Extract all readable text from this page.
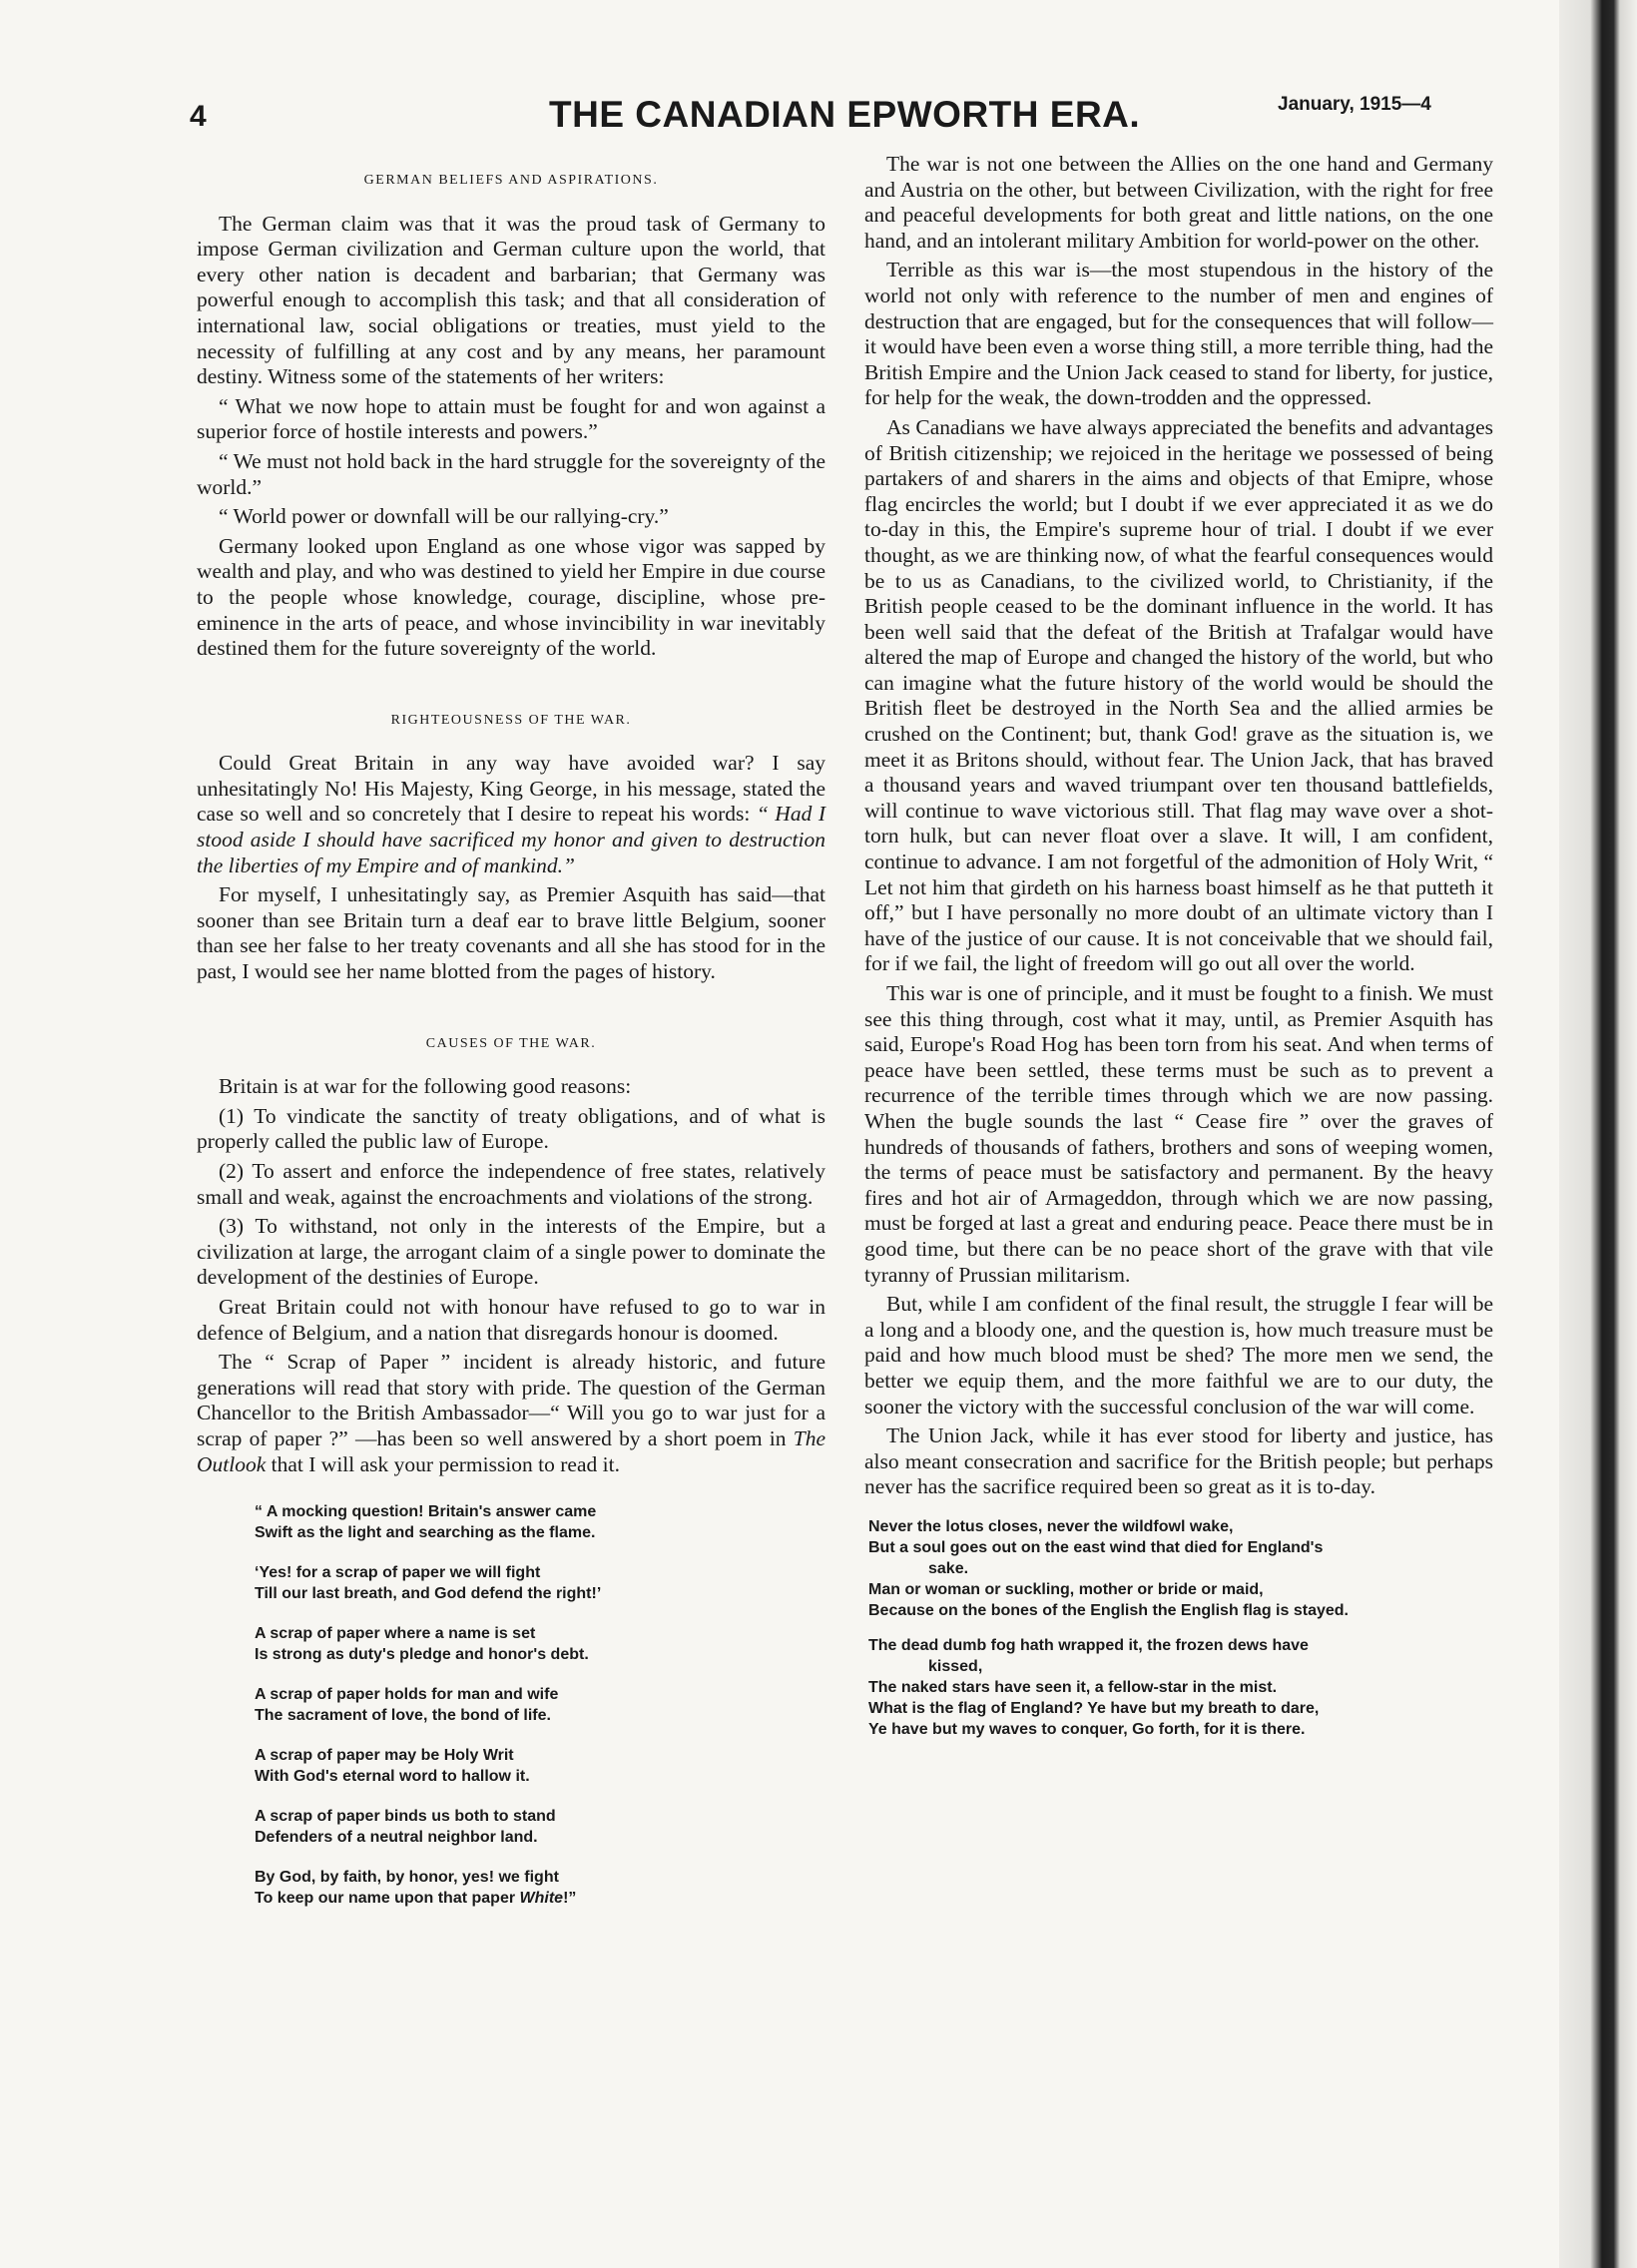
4	THE CANADIAN EPWORTH ERA.	January, 1915—4
GERMAN BELIEFS AND ASPIRATIONS.

The German claim was that it was the proud task of Germany to impose German civilization and German culture upon the world, that every other nation is decadent and barbarian; that Germany was powerful enough to accomplish this task; and that all consideration of international law, social obligations or treaties, must yield to the necessity of fulfilling at any cost and by any means, her paramount destiny. Witness some of the statements of her writers:

“ What we now hope to attain must be fought for and won against a superior force of hostile interests and powers.”

“ We must not hold back in the hard struggle for the sovereignty of the world.”

“ World power or downfall will be our rallying-cry.”

Germany looked upon England as one whose vigor was sapped by wealth and play, and who was destined to yield her Empire in due course to the people whose knowledge, courage, discipline, whose pre-eminence in the arts of peace, and whose invincibility in war inevitably destined them for the future sovereignty of the world.

RIGHTEOUSNESS OF THE WAR.

Could Great Britain in any way have avoided war? I say unhesitatingly No! His Majesty, King George, in his message, stated the case so well and so concretely that I desire to repeat his words: “ Had I stood aside I should have sacrificed my honor and given to destruction the liberties of my Empire and of mankind.”

For myself, I unhesitatingly say, as Premier Asquith has said—that sooner than see Britain turn a deaf ear to brave little Belgium, sooner than see her false to her treaty covenants and all she has stood for in the past, I would see her name blotted from the pages of history.

CAUSES OF THE WAR.

Britain is at war for the following good reasons:

(1) To vindicate the sanctity of treaty obligations, and of what is properly called the public law of Europe.

(2) To assert and enforce the independence of free states, relatively small and weak, against the encroachments and violations of the strong.

(3) To withstand, not only in the interests of the Empire, but a civilization at large, the arrogant claim of a single power to dominate the development of the destinies of Europe.

Great Britain could not with honour have refused to go to war in defence of Belgium, and a nation that disregards honour is doomed.

The “ Scrap of Paper ” incident is already historic, and future generations will read that story with pride. The question of the German Chancellor to the British Ambassador—“ Will you go to war just for a scrap of paper ?” —has been so well answered by a short poem in The Outlook that I will ask your permission to read it.

“ A mocking question! Britain's answer came
Swift as the light and searching as the flame.
‘Yes! for a scrap of paper we will fight
Till our last breath, and God defend the right!’
A scrap of paper where a name is set
Is strong as duty's pledge and honor's debt.
A scrap of paper holds for man and wife
The sacrament of love, the bond of life.
A scrap of paper may be Holy Writ
With God's eternal word to hallow it.
A scrap of paper binds us both to stand
Defenders of a neutral neighbor land.
By God, by faith, by honor, yes! we fight
To keep our name upon that paper White!”

The war is not one between the Allies on the one hand and Germany and Austria on the other, but between Civilization, with the right for free and peaceful developments for both great and little nations, on the one hand, and an intolerant military Ambition for world-power on the other.

Terrible as this war is—the most stupendous in the history of the world not only with reference to the number of men and engines of destruction that are engaged, but for the consequences that will follow—it would have been even a worse thing still, a more terrible thing, had the British Empire and the Union Jack ceased to stand for liberty, for justice, for help for the weak, the down-trodden and the oppressed.

As Canadians we have always appreciated the benefits and advantages of British citizenship; we rejoiced in the heritage we possessed of being partakers of and sharers in the aims and objects of that Emipre, whose flag encircles the world; but I doubt if we ever appreciated it as we do to-day in this, the Empire's supreme hour of trial. I doubt if we ever thought, as we are thinking now, of what the fearful consequences would be to us as Canadians, to the civilized world, to Christianity, if the British people ceased to be the dominant influence in the world. It has been well said that the defeat of the British at Trafalgar would have altered the map of Europe and changed the history of the world, but who can imagine what the future history of the world would be should the British fleet be destroyed in the North Sea and the allied armies be crushed on the Continent; but, thank God! grave as the situation is, we meet it as Britons should, without fear. The Union Jack, that has braved a thousand years and waved triumpant over ten thousand battlefields, will continue to wave victorious still. That flag may wave over a shot-torn hulk, but can never float over a slave. It will, I am confident, continue to advance. I am not forgetful of the admonition of Holy Writ, “ Let not him that girdeth on his harness boast himself as he that putteth it off,” but I have personally no more doubt of an ultimate victory than I have of the justice of our cause. It is not conceivable that we should fail, for if we fail, the light of freedom will go out all over the world.

This war is one of principle, and it must be fought to a finish. We must see this thing through, cost what it may, until, as Premier Asquith has said, Europe's Road Hog has been torn from his seat. And when terms of peace have been settled, these terms must be such as to prevent a recurrence of the terrible times through which we are now passing. When the bugle sounds the last “ Cease fire ” over the graves of hundreds of thousands of fathers, brothers and sons of weeping women, the terms of peace must be satisfactory and permanent. By the heavy fires and hot air of Armageddon, through which we are now passing, must be forged at last a great and enduring peace. Peace there must be in good time, but there can be no peace short of the grave with that vile tyranny of Prussian militarism.

But, while I am confident of the final result, the struggle I fear will be a long and a bloody one, and the question is, how much treasure must be paid and how much blood must be shed? The more men we send, the better we equip them, and the more faithful we are to our duty, the sooner the victory with the successful conclusion of the war will come.

The Union Jack, while it has ever stood for liberty and justice, has also meant consecration and sacrifice for the British people; but perhaps never has the sacrifice required been so great as it is to-day.

Never the lotus closes, never the wildfowl wake,
But a soul goes out on the east wind that died for England's
sake.
Man or woman or suckling, mother or bride or maid,
Because on the bones of the English the English flag is stayed.
The dead dumb fog hath wrapped it, the frozen dews have
kissed,
The naked stars have seen it, a fellow-star in the mist.
What is the flag of England? Ye have but my breath to dare,
Ye have but my waves to conquer, Go forth, for it is there.
